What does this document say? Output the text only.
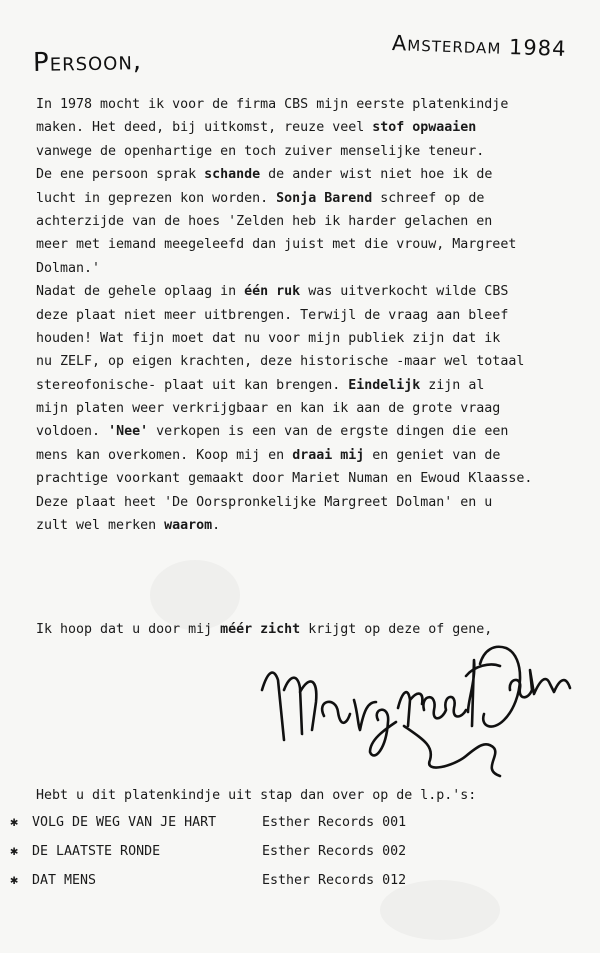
Amsterdam 1984
Persoon,
In 1978 mocht ik voor de firma CBS mijn eerste platenkindje
maken. Het deed, bij uitkomst, reuze veel stof opwaaien
vanwege de openhartige en toch zuiver menselijke teneur.
De ene persoon sprak schande de ander wist niet hoe ik de
lucht in geprezen kon worden. Sonja Barend schreef op de
achterzijde van de hoes 'Zelden heb ik harder gelachen en
meer met iemand meegeleefd dan juist met die vrouw, Margreet
Dolman.'
Nadat de gehele oplaag in één ruk was uitverkocht wilde CBS
deze plaat niet meer uitbrengen. Terwijl de vraag aan bleef
houden! Wat fijn moet dat nu voor mijn publiek zijn dat ik
nu ZELF, op eigen krachten, deze historische -maar wel totaal
stereofonische- plaat uit kan brengen. Eindelijk zijn al
mijn platen weer verkrijgbaar en kan ik aan de grote vraag
voldoen. 'Nee' verkopen is een van de ergste dingen die een
mens kan overkomen. Koop mij en draai mij en geniet van de
prachtige voorkant gemaakt door Mariet Numan en Ewoud Klaasse.
Deze plaat heet 'De Oorspronkelijke Margreet Dolman' en u
zult wel merken waarom.
Ik hoop dat u door mij méér zicht krijgt op deze of gene,
Hebt u dit platenkindje uit stap dan over op de l.p.'s:
✱ VOLG DE WEG VAN JE HART	Esther Records 001
✱ DE LAATSTE RONDE	Esther Records 002
✱ DAT MENS	Esther Records 012
